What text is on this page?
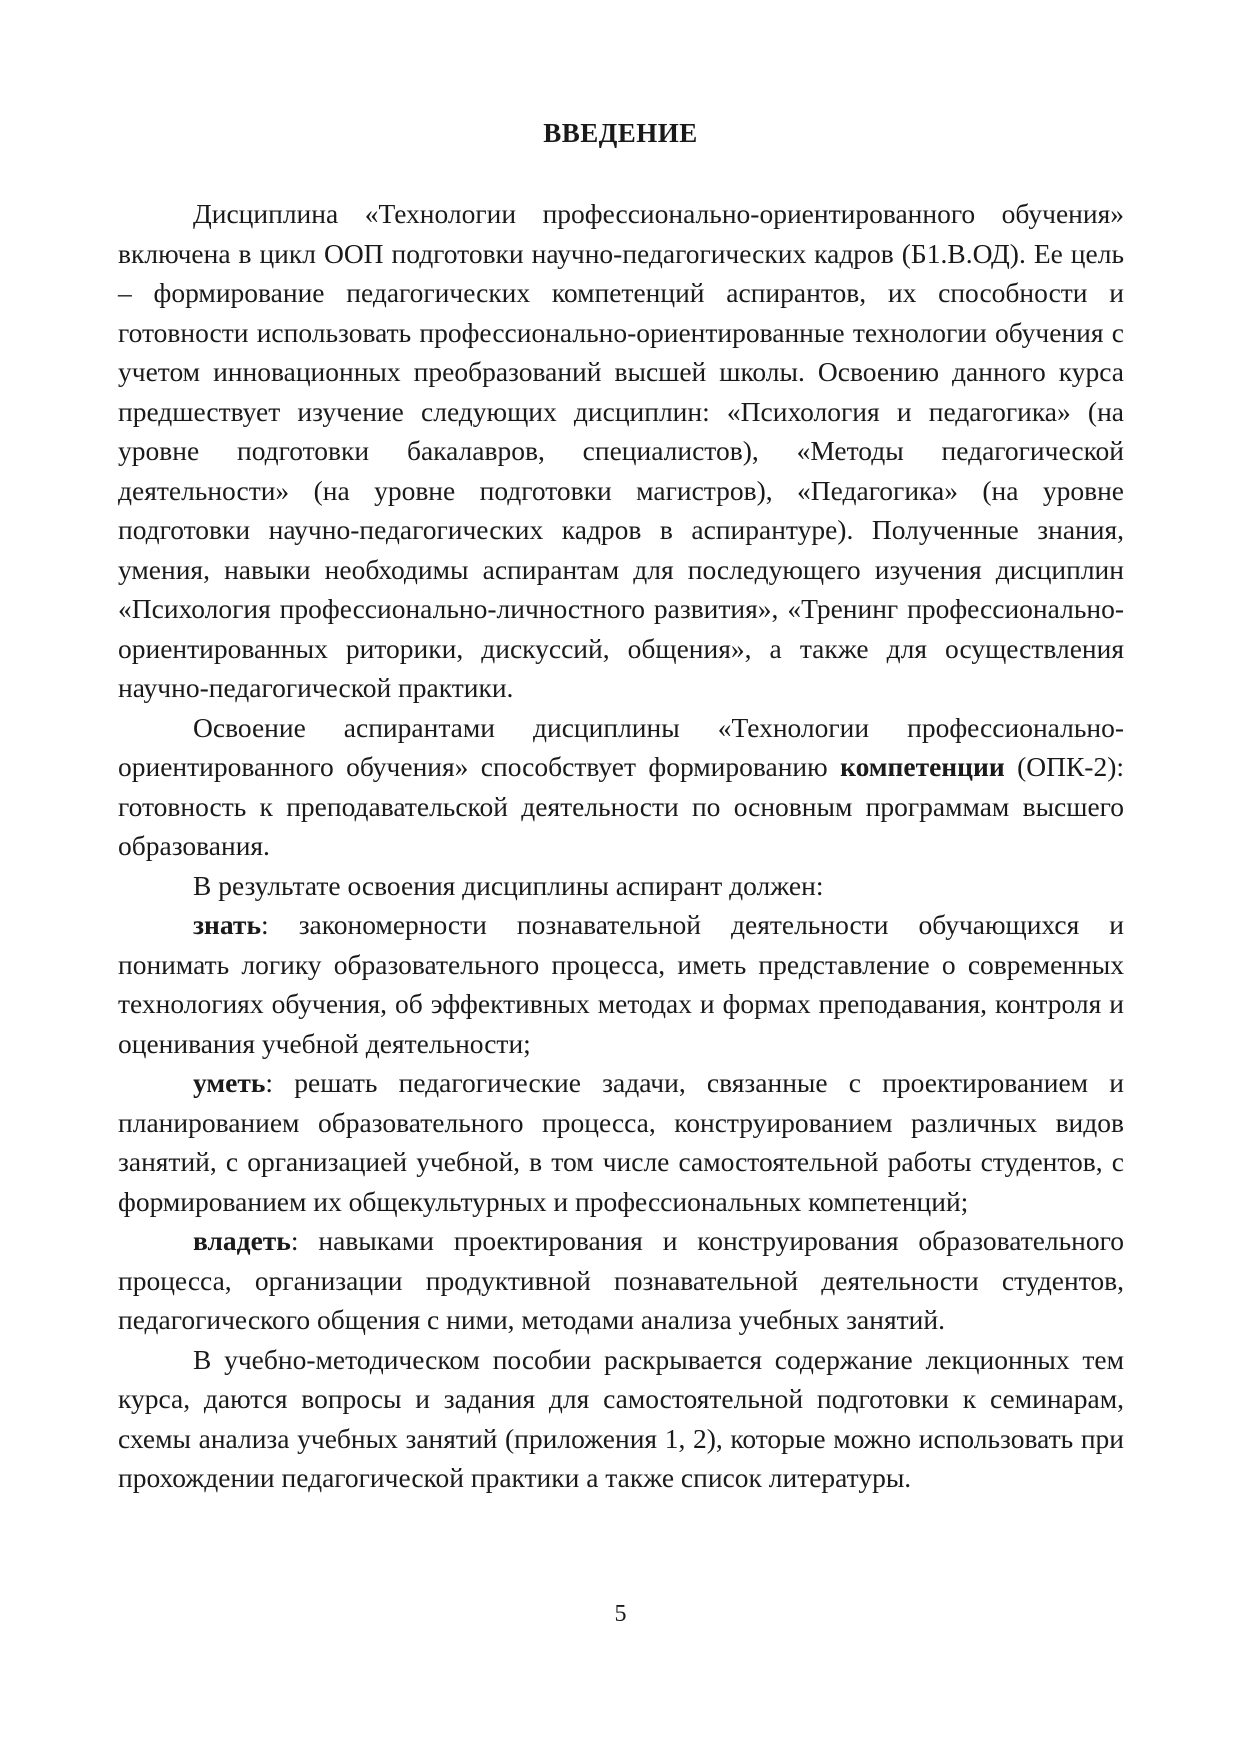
ВВЕДЕНИЕ

Дисциплина «Технологии профессионально-ориентированного обучения» включена в цикл ООП подготовки научно-педагогических кадров (Б1.В.ОД). Ее цель – формирование педагогических компетенций аспирантов, их способности и готовности использовать профессионально-ориентированные технологии обучения с учетом инновационных преобразований высшей школы. Освоению данного курса предшествует изучение следующих дисциплин: «Психология и педагогика» (на уровне подготовки бакалавров, специалистов), «Методы педагогической деятельности» (на уровне подготовки магистров), «Педагогика» (на уровне подготовки научно-педагогических кадров в аспирантуре). Полученные знания, умения, навыки необходимы аспирантам для последующего изучения дисциплин «Психология профессионально-личностного развития», «Тренинг профессионально-ориентированных риторики, дискуссий, общения», а также для осуществления научно-педагогической практики.

Освоение аспирантами дисциплины «Технологии профессионально-ориентированного обучения» способствует формированию компетенции (ОПК-2): готовность к преподавательской деятельности по основным программам высшего образования.

В результате освоения дисциплины аспирант должен:

знать: закономерности познавательной деятельности обучающихся и понимать логику образовательного процесса, иметь представление о современных технологиях обучения, об эффективных методах и формах преподавания, контроля и оценивания учебной деятельности;

уметь: решать педагогические задачи, связанные с проектированием и планированием образовательного процесса, конструированием различных видов занятий, с организацией учебной, в том числе самостоятельной работы студентов, с формированием их общекультурных и профессиональных компетенций;

владеть: навыками проектирования и конструирования образовательного процесса, организации продуктивной познавательной деятельности студентов, педагогического общения с ними, методами анализа учебных занятий.

В учебно-методическом пособии раскрывается содержание лекционных тем курса, даются вопросы и задания для самостоятельной подготовки к семинарам, схемы анализа учебных занятий (приложения 1, 2), которые можно использовать при прохождении педагогической практики а также список литературы.

5
